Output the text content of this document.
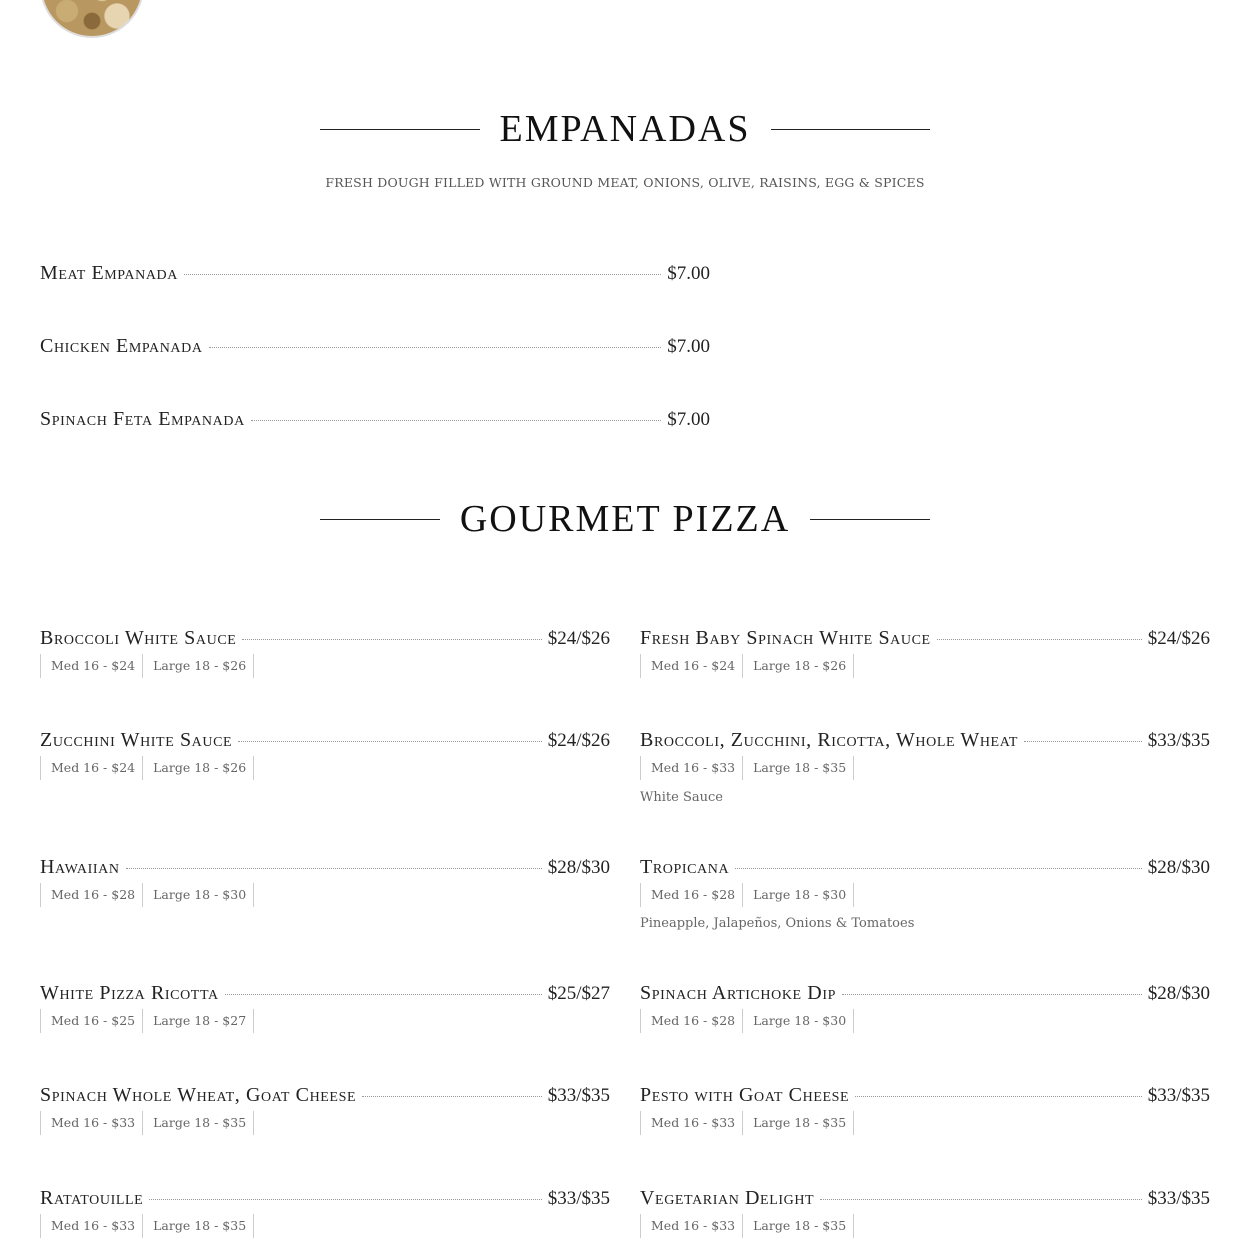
EMPANADAS
FRESH DOUGH FILLED WITH GROUND MEAT, ONIONS, OLIVE, RAISINS, EGG & SPICES
Meat Empanada	$7.00
Chicken Empanada	$7.00
Spinach Feta Empanada	$7.00
GOURMET PIZZA
Broccoli White Sauce	$24/$26
Med 16 - $24	Large 18 - $26
Fresh Baby Spinach White Sauce	$24/$26
Med 16 - $24	Large 18 - $26
Zucchini White Sauce	$24/$26
Med 16 - $24	Large 18 - $26
Broccoli, Zucchini, Ricotta, Whole Wheat	$33/$35
Med 16 - $33	Large 18 - $35
White Sauce
Hawaiian	$28/$30
Med 16 - $28	Large 18 - $30
Tropicana	$28/$30
Med 16 - $28	Large 18 - $30
Pineapple, Jalapeños, Onions & Tomatoes
White Pizza Ricotta	$25/$27
Med 16 - $25	Large 18 - $27
Spinach Artichoke Dip	$28/$30
Med 16 - $28	Large 18 - $30
Spinach Whole Wheat, Goat Cheese	$33/$35
Med 16 - $33	Large 18 - $35
Pesto with Goat Cheese	$33/$35
Med 16 - $33	Large 18 - $35
Ratatouille	$33/$35
Med 16 - $33	Large 18 - $35
Vegetarian Delight	$33/$35
Med 16 - $33	Large 18 - $35
